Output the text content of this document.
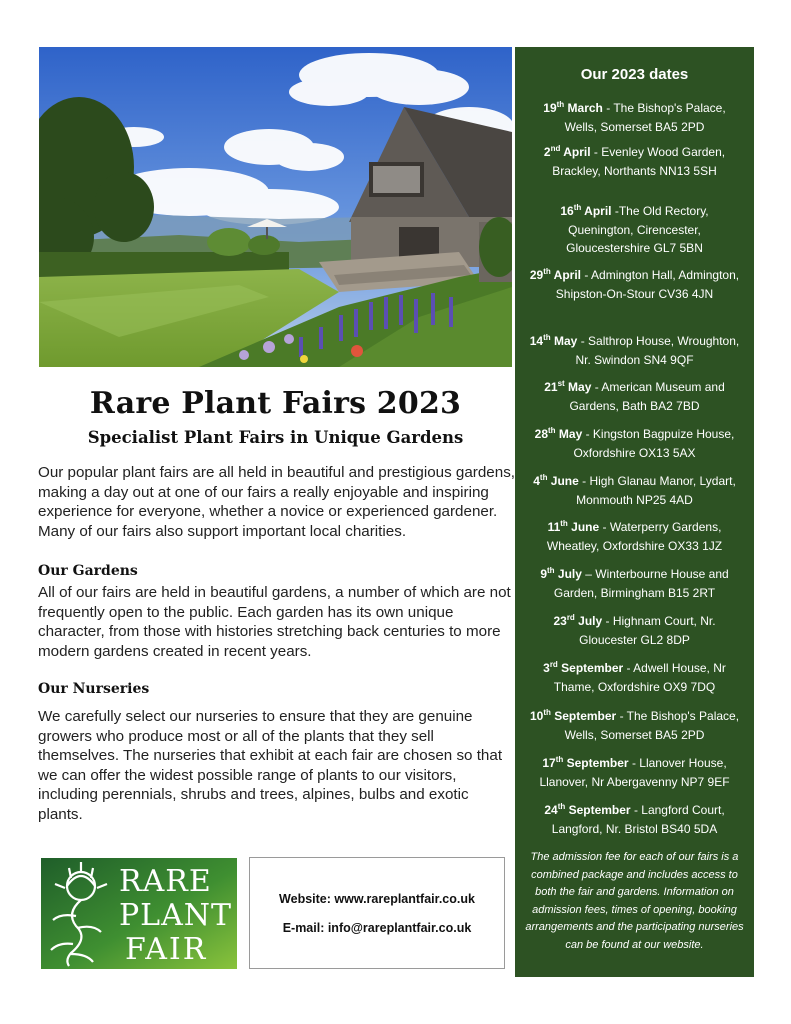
Rare Plant Fairs 2023
Specialist Plant Fairs in Unique Gardens
Our popular plant fairs are all held in beautiful and prestigious gardens, making a day out at one of our fairs a really enjoyable and inspiring experience for everyone, whether a novice or experienced gardener. Many of our fairs also support important local charities.
Our Gardens
All of our fairs are held in beautiful gardens, a number of which are not frequently open to the public. Each garden has its own unique character, from those with histories stretching back centuries to more modern gardens created in recent years.
Our Nurseries
We carefully select our nurseries to ensure that they are genuine growers who produce most or all of the plants that they sell themselves. The nurseries that exhibit at each fair are chosen so that we can offer the widest possible range of plants to our visitors, including perennials, shrubs and trees, alpines, bulbs and exotic plants.
RARE
PLANT
FAIR
Website: www.rareplantfair.co.uk
E-mail: info@rareplantfair.co.uk
Our 2023 dates
19th March - The Bishop's Palace, Wells, Somerset BA5 2PD
2nd April - Evenley Wood Garden, Brackley, Northants NN13 5SH
16th April -The Old Rectory, Quenington, Cirencester, Gloucestershire GL7 5BN
29th April - Admington Hall, Admington, Shipston-On-Stour CV36 4JN
14th May - Salthrop House, Wroughton, Nr. Swindon SN4 9QF
21st May - American Museum and Gardens, Bath BA2 7BD
28th May - Kingston Bagpuize House, Oxfordshire OX13 5AX
4th June - High Glanau Manor, Lydart, Monmouth NP25 4AD
11th June - Waterperry Gardens, Wheatley, Oxfordshire OX33 1JZ
9th July – Winterbourne House and Garden, Birmingham B15 2RT
23rd July - Highnam Court, Nr. Gloucester GL2 8DP
3rd September - Adwell House, Nr Thame, Oxfordshire OX9 7DQ
10th September - The Bishop's Palace, Wells, Somerset BA5 2PD
17th September - Llanover House, Llanover, Nr Abergavenny NP7 9EF
24th September - Langford Court, Langford, Nr. Bristol BS40 5DA
The admission fee for each of our fairs is a combined package and includes access to both the fair and gardens. Information on admission fees, times of opening, booking arrangements and the participating nurseries can be found at our website.
